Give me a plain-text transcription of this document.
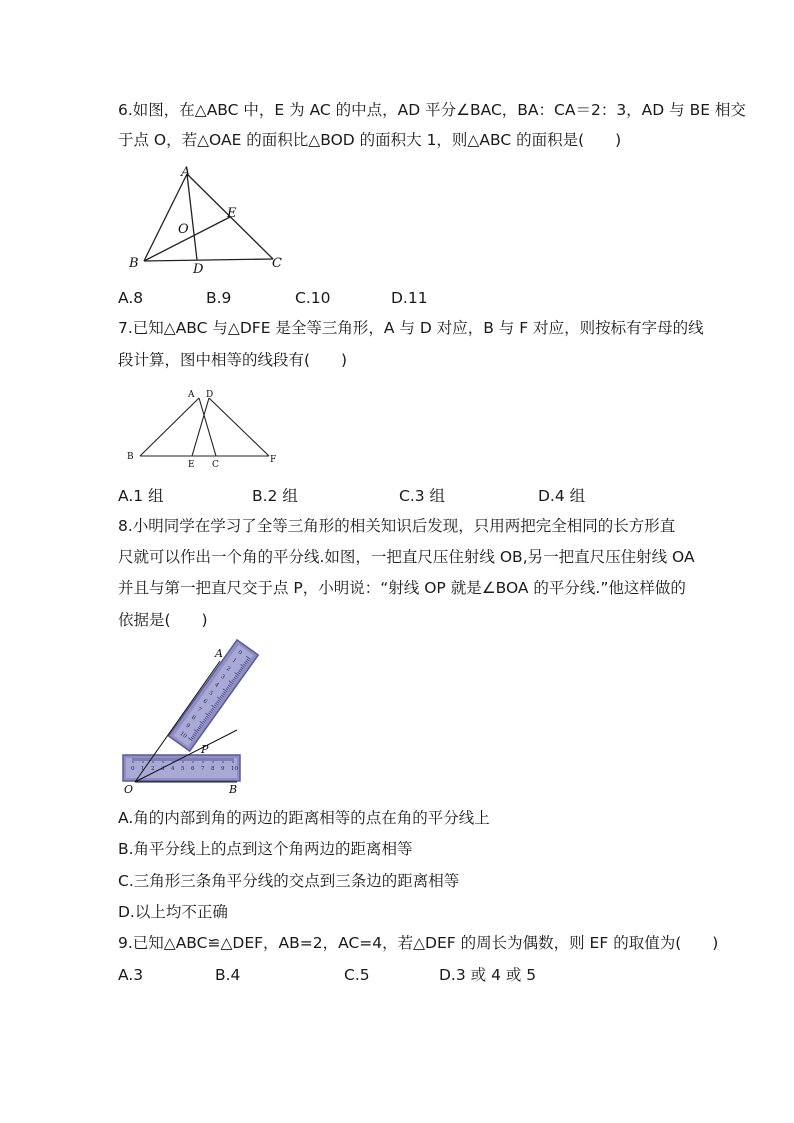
6.如图，在△ABC 中，E 为 AC 的中点，AD 平分∠BAC，BA：CA＝2：3，AD 与 BE 相交
于点 O，若△OAE 的面积比△BOD 的面积大 1，则△ABC 的面积是(　　)
A
B	C
D
E
O
A.8	B.9	C.10	D.11
7.已知△ABC 与△DFE 是全等三角形，A 与 D 对应，B 与 F 对应，则按标有字母的线
段计算，图中相等的线段有(　　)
A D
B
E C	F
A.1 组	B.2 组	C.3 组	D.4 组
8.小明同学在学习了全等三角形的相关知识后发现，只用两把完全相同的长方形直
尺就可以作出一个角的平分线.如图，一把直尺压住射线 OB,另一把直尺压住射线 OA
并且与第一把直尺交于点 P，小明说：“射线 OP 就是∠BOA 的平分线.”他这样做的
依据是(　　)
0
1
2
3
4
5
6
7
8
9
10
0 1 2 3 4 5 6 7 8 9 10
A
O	B
P
A.角的内部到角的两边的距离相等的点在角的平分线上
B.角平分线上的点到这个角两边的距离相等
C.三角形三条角平分线的交点到三条边的距离相等
D.以上均不正确
9.已知△ABC≌△DEF，AB=2，AC=4，若△DEF 的周长为偶数，则 EF 的取值为(　　)
A.3	B.4	C.5	D.3 或 4 或 5
